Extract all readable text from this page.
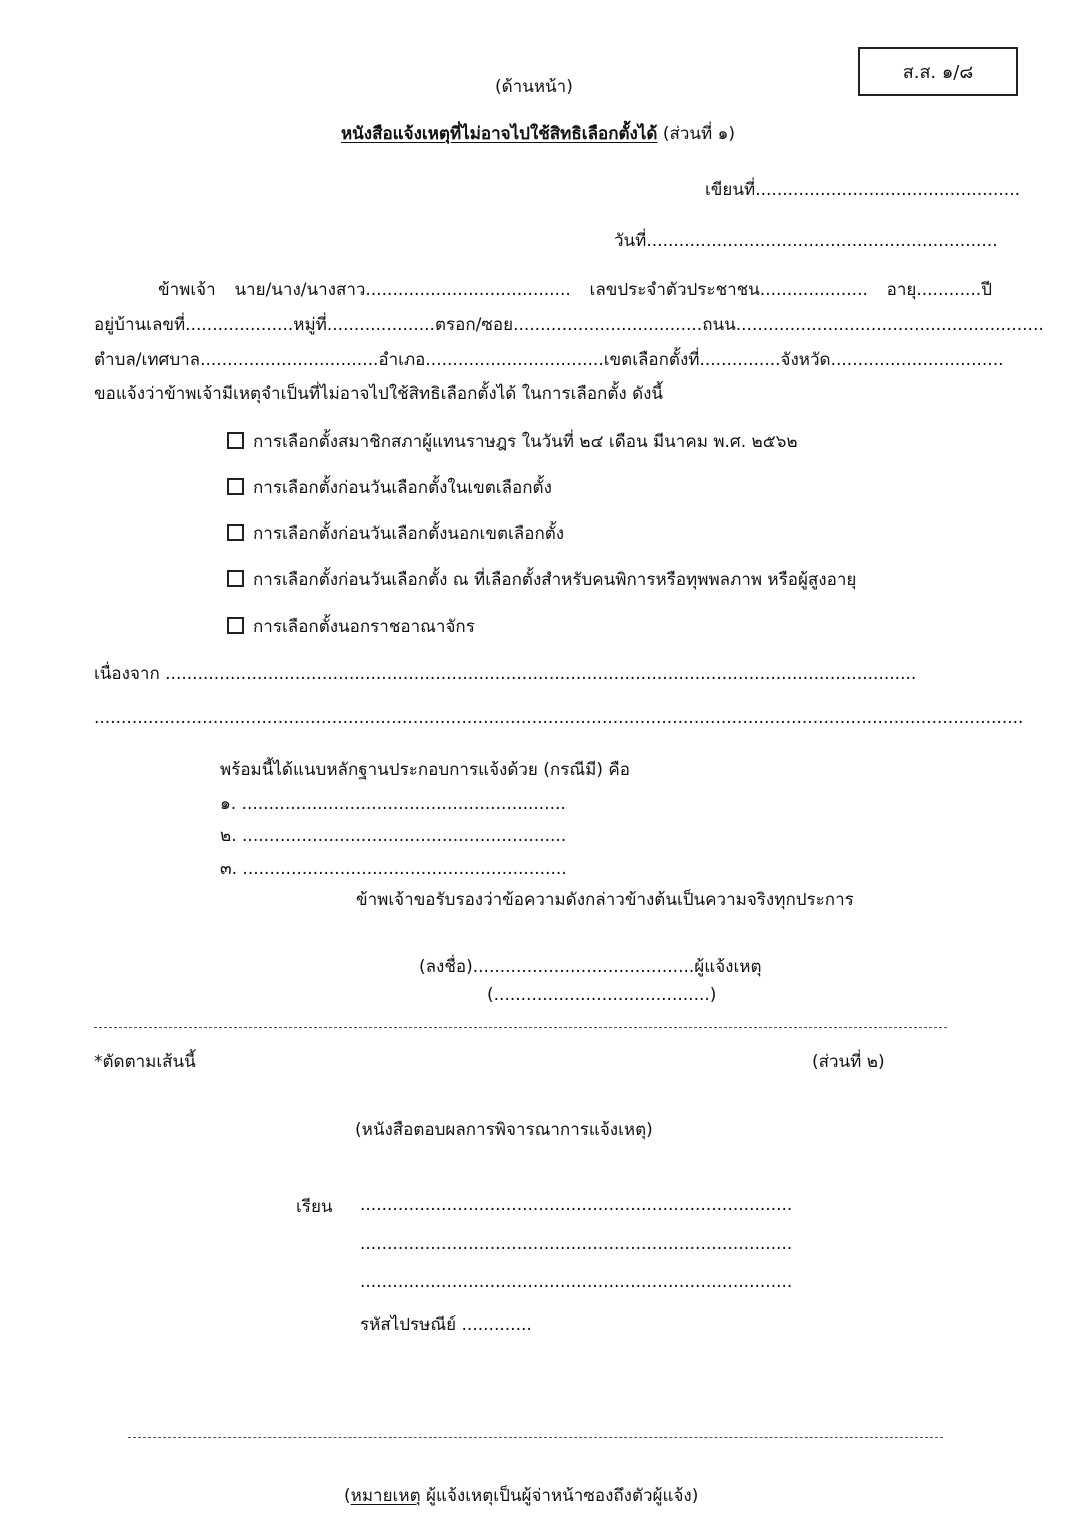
ส.ส. ๑/๘
(ด้านหน้า)
หนังสือแจ้งเหตุที่ไม่อาจไปใช้สิทธิเลือกตั้งได้ (ส่วนที่ ๑)
เขียนที่.................................................
วันที่.................................................................
ข้าพเจ้า นาย/นาง/นางสาว...................................... เลขประจำตัวประชาชน.................... อายุ............ปี
อยู่บ้านเลขที่....................หมู่ที่....................ตรอก/ซอย................................... ถนน.........................................................
ตำบล/เทศบาล.................................อำเภอ................................. เขตเลือกตั้งที่............... จังหวัด................................
ขอแจ้งว่าข้าพเจ้ามีเหตุจำเป็นที่ไม่อาจไปใช้สิทธิเลือกตั้งได้ ในการเลือกตั้ง ดังนี้
การเลือกตั้งสมาชิกสภาผู้แทนราษฎร ในวันที่ ๒๔ เดือน มีนาคม พ.ศ. ๒๕๖๒
การเลือกตั้งก่อนวันเลือกตั้งในเขตเลือกตั้ง
การเลือกตั้งก่อนวันเลือกตั้งนอกเขตเลือกตั้ง
การเลือกตั้งก่อนวันเลือกตั้ง ณ ที่เลือกตั้งสำหรับคนพิการหรือทุพพลภาพ หรือผู้สูงอายุ
การเลือกตั้งนอกราชอาณาจักร
เนื่องจาก ...........................................................................................................................................
............................................................................................................................................................................
พร้อมนี้ได้แนบหลักฐานประกอบการแจ้งด้วย (กรณีมี) คือ
๑. ............................................................
๒. ............................................................
๓. ............................................................
ข้าพเจ้าขอรับรองว่าข้อความดังกล่าวข้างต้นเป็นความจริงทุกประการ
(ลงชื่อ).........................................ผู้แจ้งเหตุ
(........................................)
*ตัดตามเส้นนี้	(ส่วนที่ ๒)
(หนังสือตอบผลการพิจารณาการแจ้งเหตุ)
เรียน ................................................................................
................................................................................
................................................................................
รหัสไปรษณีย์ .............
(หมายเหตุ ผู้แจ้งเหตุเป็นผู้จ่าหน้าซองถึงตัวผู้แจ้ง)
